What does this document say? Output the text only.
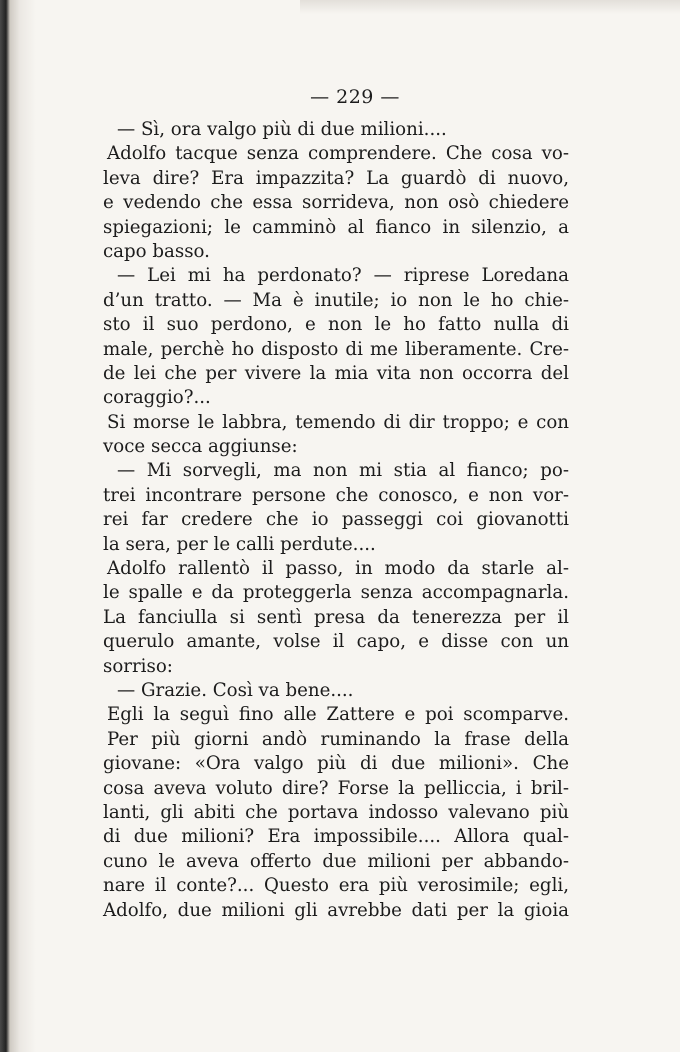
— 229 —
— Sì, ora valgo più di due milioni....
Adolfo tacque senza comprendere. Che cosa vo-
leva dire? Era impazzita? La guardò di nuovo,
e vedendo che essa sorrideva, non osò chiedere
spiegazioni; le camminò al fianco in silenzio, a
capo basso.
— Lei mi ha perdonato? — riprese Loredana
d’un tratto. — Ma è inutile; io non le ho chie-
sto il suo perdono, e non le ho fatto nulla di
male, perchè ho disposto di me liberamente. Cre-
de lei che per vivere la mia vita non occorra del
coraggio?...
Si morse le labbra, temendo di dir troppo; e con
voce secca aggiunse:
— Mi sorvegli, ma non mi stia al fianco; po-
trei incontrare persone che conosco, e non vor-
rei far credere che io passeggi coi giovanotti
la sera, per le calli perdute....
Adolfo rallentò il passo, in modo da starle al-
le spalle e da proteggerla senza accompagnarla.
La fanciulla si sentì presa da tenerezza per il
querulo amante, volse il capo, e disse con un
sorriso:
— Grazie. Così va bene....
Egli la seguì fino alle Zattere e poi scomparve.
Per più giorni andò ruminando la frase della
giovane: «Ora valgo più di due milioni». Che
cosa aveva voluto dire? Forse la pelliccia, i bril-
lanti, gli abiti che portava indosso valevano più
di due milioni? Era impossibile.... Allora qual-
cuno le aveva offerto due milioni per abbando-
nare il conte?... Questo era più verosimile; egli,
Adolfo, due milioni gli avrebbe dati per la gioia
